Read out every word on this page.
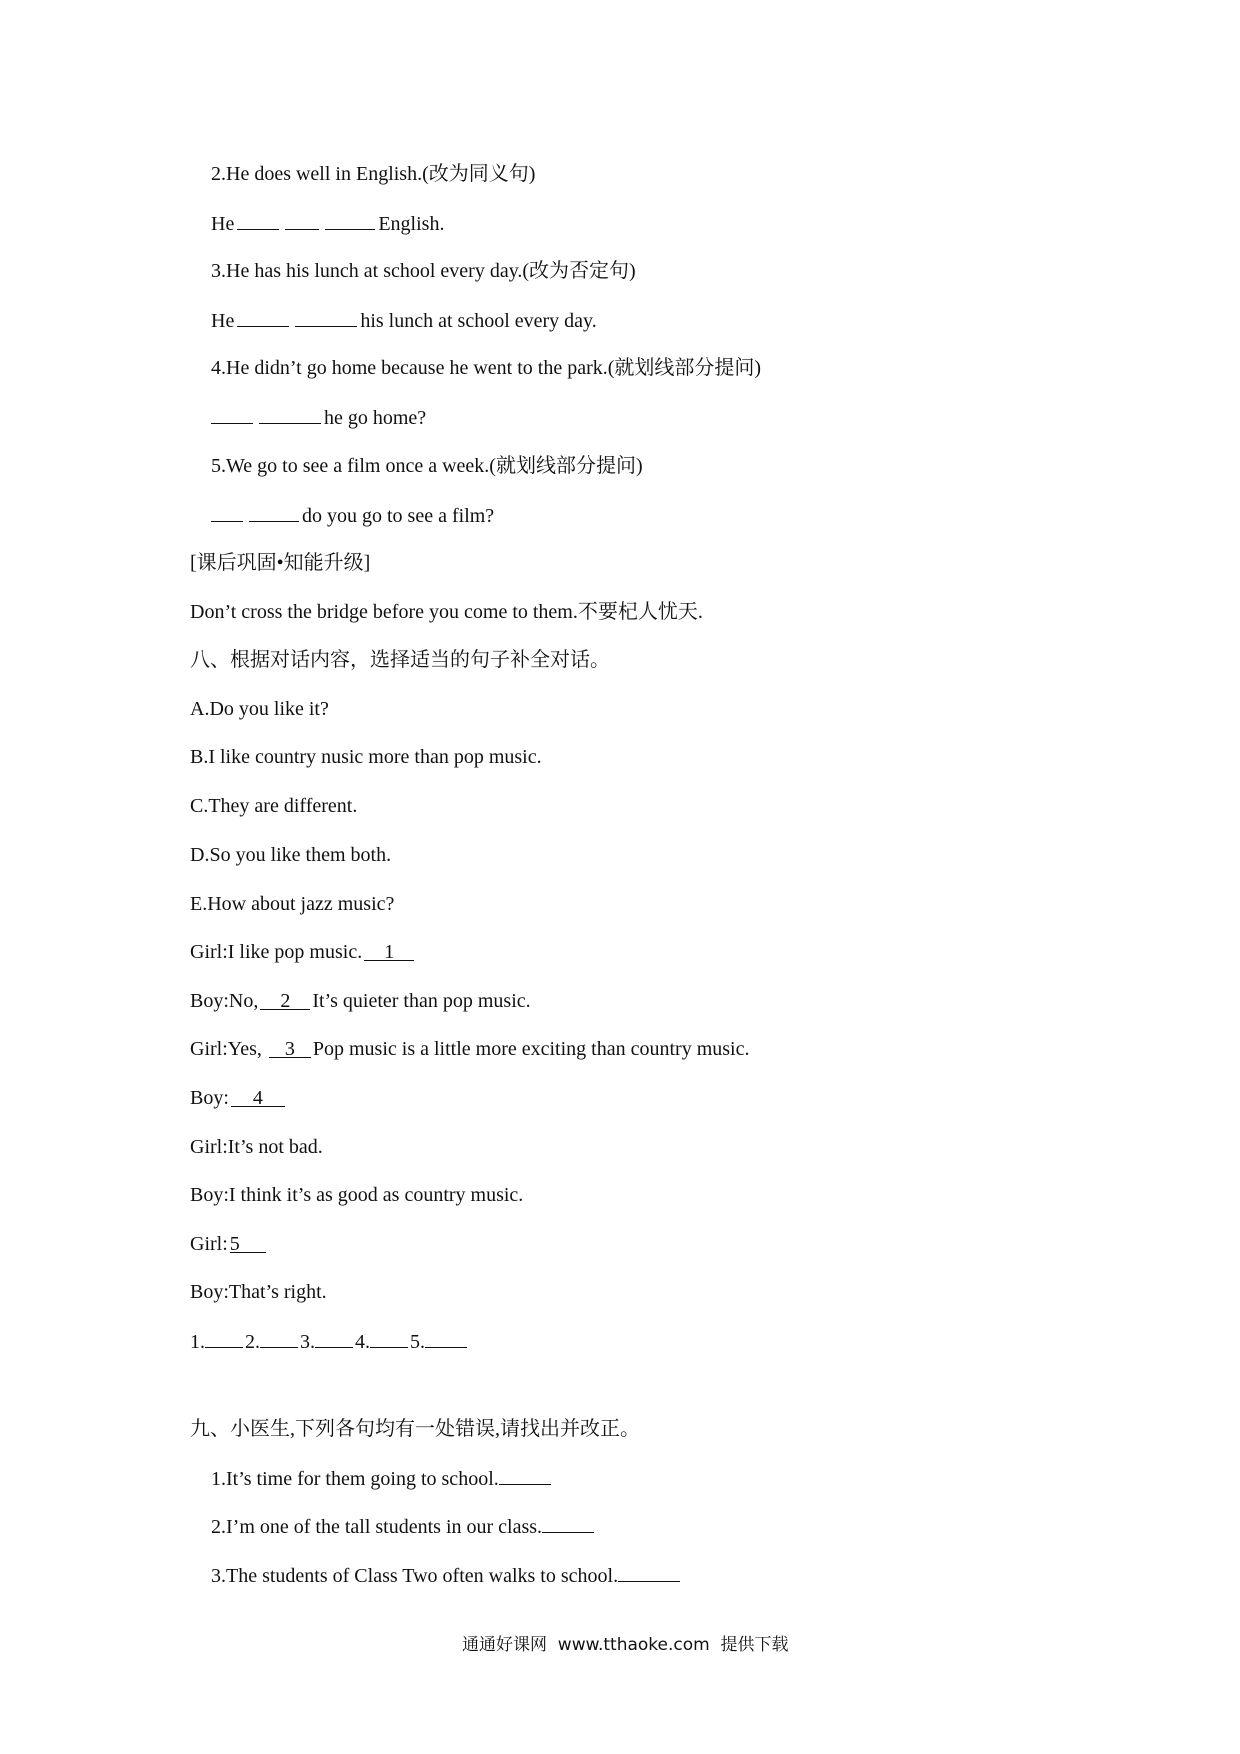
2.He does well in English.(改为同义句)
He	English.
3.He has his lunch at school every day.(改为否定句)
He	his lunch at school every day.
4.He didn’t go home because he went to the park.(就划线部分提问)
he go home?
5.We go to see a film once a week.(就划线部分提问)
do you go to see a film?
[课后巩固•知能升级]
Don’t cross the bridge before you come to them.不要杞人忧天.
八、根据对话内容，选择适当的句子补全对话。
A.Do you like it?
B.I like country nusic more than pop music.
C.They are different.
D.So you like them both.
E.How about jazz music?
Girl:I like pop music. 1
Boy:No, 2 It’s quieter than pop music.
Girl:Yes, 3 Pop music is a little more exciting than country music.
Boy: 4
Girl:It’s not bad.
Boy:I think it’s as good as country music.
Girl: 5
Boy:That’s right.
1. 2. 3. 4. 5.
九、小医生,下列各句均有一处错误,请找出并改正。
1.It’s time for them going to school.
2.I’m one of the tall students in our class.
3.The students of Class Two often walks to school.
通通好课网  www.tthaoke.com  提供下载
